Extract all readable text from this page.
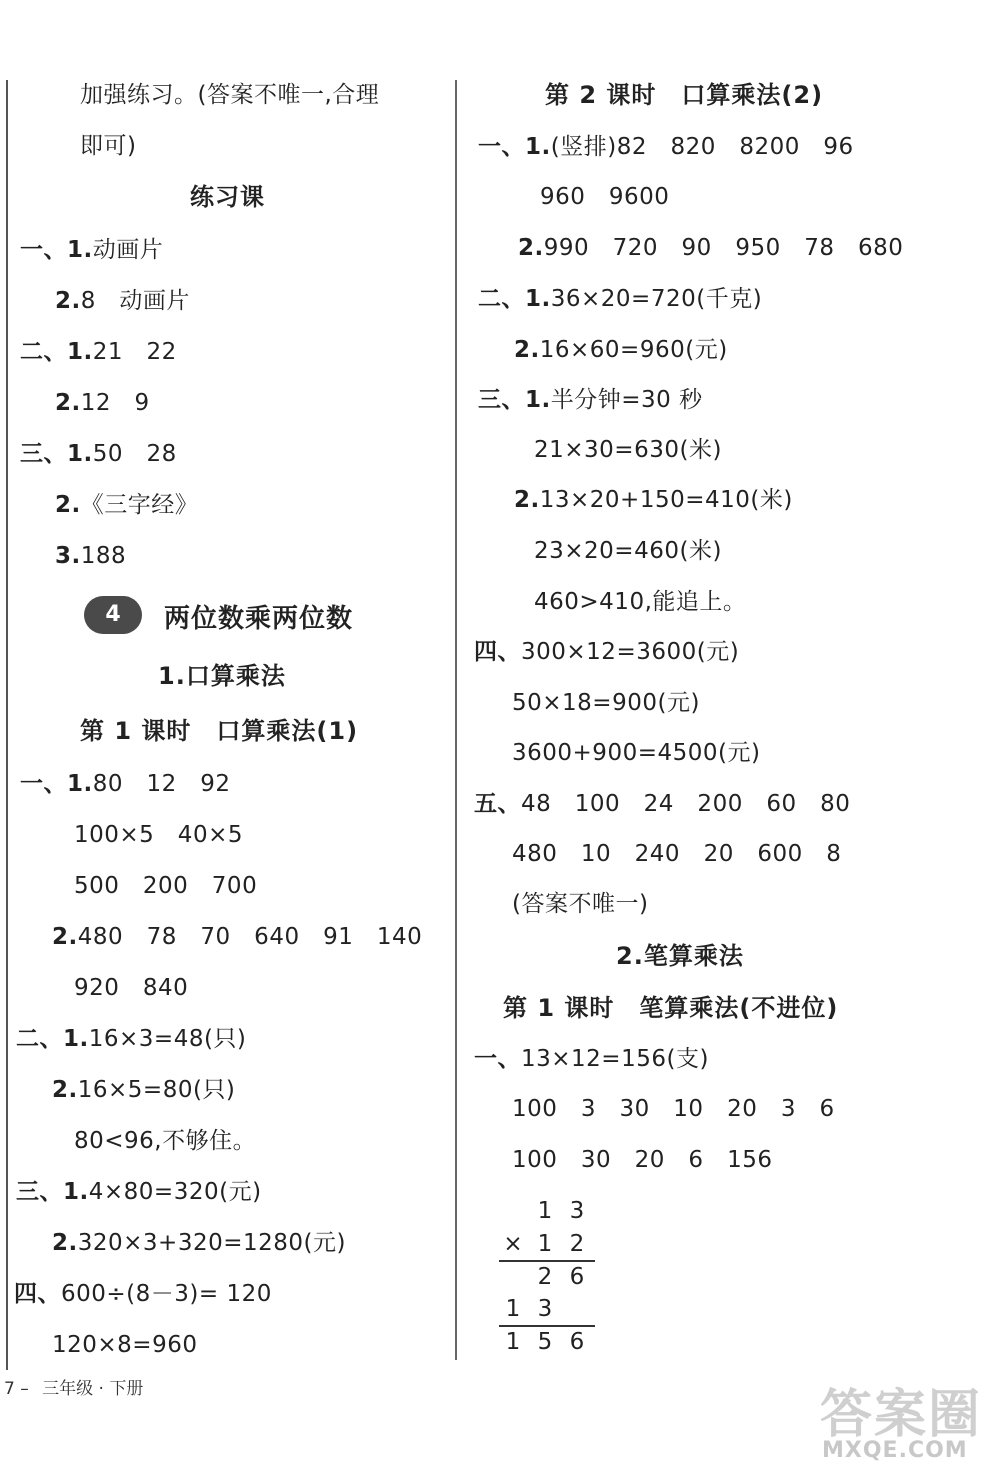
加强练习。(答案不唯一,合理
即可)
练习课
一、1.动画片
2.8　动画片
二、1.21　22
2.12　9
三、1.50　28
2.《三字经》
3.188
4	两位数乘两位数
1.口算乘法
第 1 课时　口算乘法(1)
一、1.80　12　92
100×5　40×5
500　200　700
2.480　78　70　640　91　140
920　840
二、1.16×3=48(只)
2.16×5=80(只)
80<96,不够住。
三、1.4×80=320(元)
2.320×3+320=1280(元)
四、600÷(8－3)= 120
120×8=960
第 2 课时　口算乘法(2)
一、1.(竖排)82　820　8200　96
960　9600
2.990　720　90　950　78　680
二、1.36×20=720(千克)
2.16×60=960(元)
三、1.半分钟=30 秒
21×30=630(米)
2.13×20+150=410(米)
23×20=460(米)
460>410,能追上。
四、300×12=3600(元)
50×18=900(元)
3600+900=4500(元)
五、48　100　24　200　60　80
480　10　240　20　600　8
(答案不唯一)
2.笔算乘法
第 1 课时　笔算乘法(不进位)
一、13×12=156(支)
100　3　30　10　20　3　6
100　30　20　6　156
1 3
× 1 2
2 6
1 3
1 5 6
7 – 三年级 · 下册	答案圈
MXQE.COM
